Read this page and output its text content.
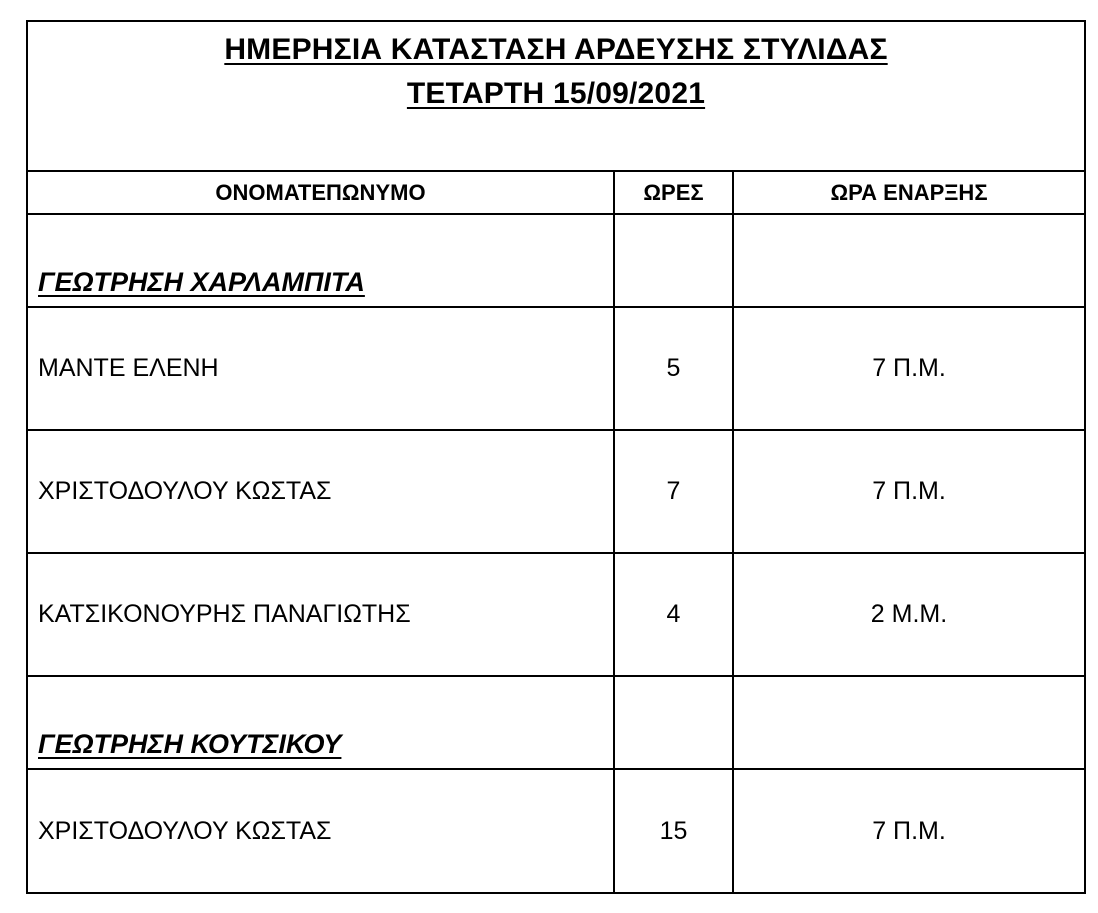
ΗΜΕΡΗΣΙΑ ΚΑΤΑΣΤΑΣΗ ΑΡΔΕΥΣΗΣ ΣΤΥΛΙΔΑΣ
ΤΕΤΑΡΤΗ 15/09/2021
ΟΝΟΜΑΤΕΠΩΝΥΜΟ	ΩΡΕΣ	ΩΡΑ ΕΝΑΡΞΗΣ
ΓΕΩΤΡΗΣΗ ΧΑΡΛΑΜΠΙΤΑ		
ΜΑΝΤΕ ΕΛΕΝΗ	5	7 Π.Μ.
ΧΡΙΣΤΟΔΟΥΛΟΥ ΚΩΣΤΑΣ	7	7 Π.Μ.
ΚΑΤΣΙΚΟΝΟΥΡΗΣ ΠΑΝΑΓΙΩΤΗΣ	4	2 Μ.Μ.
ΓΕΩΤΡΗΣΗ ΚΟΥΤΣΙΚΟΥ		
ΧΡΙΣΤΟΔΟΥΛΟΥ ΚΩΣΤΑΣ	15	7 Π.Μ.
